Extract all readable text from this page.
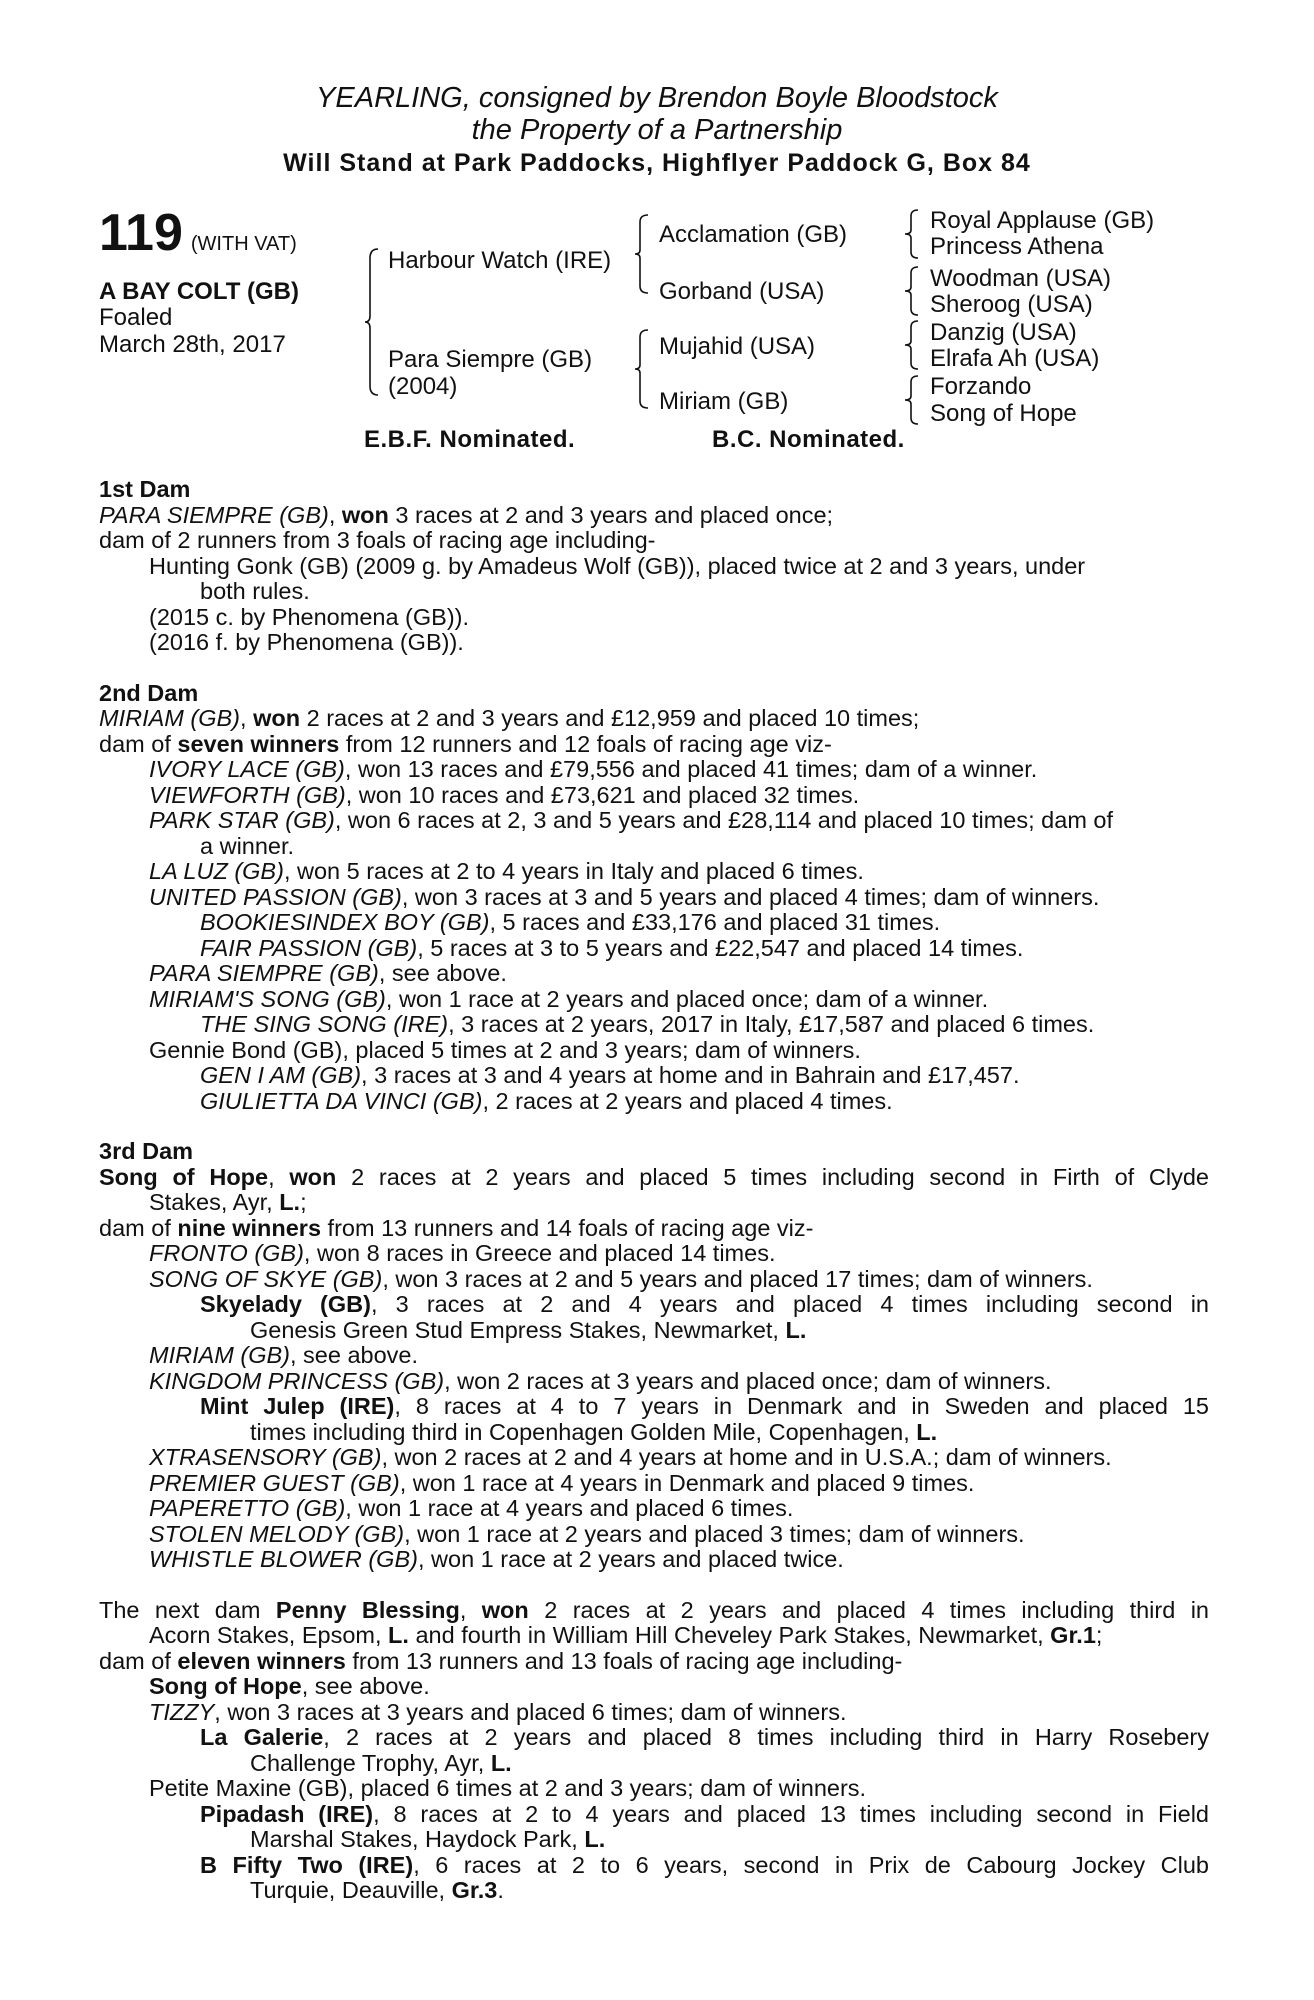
YEARLING, consigned by Brendon Boyle Bloodstock
the Property of a Partnership
Will Stand at Park Paddocks, Highflyer Paddock G, Box 84
119 (WITH VAT)
A BAY COLT (GB)
Foaled
March 28th, 2017
Harbour Watch (IRE)
Para Siempre (GB)
(2004)
Acclamation (GB)
Gorband (USA)
Mujahid (USA)
Miriam (GB)
Royal Applause (GB)
Princess Athena
Woodman (USA)
Sheroog (USA)
Danzig (USA)
Elrafa Ah (USA)
Forzando
Song of Hope
E.B.F. Nominated.	B.C. Nominated.
1st Dam
PARA SIEMPRE (GB), won 3 races at 2 and 3 years and placed once;
dam of 2 runners from 3 foals of racing age including-
Hunting Gonk (GB) (2009 g. by Amadeus Wolf (GB)), placed twice at 2 and 3 years, under
both rules.
(2015 c. by Phenomena (GB)).
(2016 f. by Phenomena (GB)).
2nd Dam
MIRIAM (GB), won 2 races at 2 and 3 years and £12,959 and placed 10 times;
dam of seven winners from 12 runners and 12 foals of racing age viz-
IVORY LACE (GB), won 13 races and £79,556 and placed 41 times; dam of a winner.
VIEWFORTH (GB), won 10 races and £73,621 and placed 32 times.
PARK STAR (GB), won 6 races at 2, 3 and 5 years and £28,114 and placed 10 times; dam of
a winner.
LA LUZ (GB), won 5 races at 2 to 4 years in Italy and placed 6 times.
UNITED PASSION (GB), won 3 races at 3 and 5 years and placed 4 times; dam of winners.
BOOKIESINDEX BOY (GB), 5 races and £33,176 and placed 31 times.
FAIR PASSION (GB), 5 races at 3 to 5 years and £22,547 and placed 14 times.
PARA SIEMPRE (GB), see above.
MIRIAM'S SONG (GB), won 1 race at 2 years and placed once; dam of a winner.
THE SING SONG (IRE), 3 races at 2 years, 2017 in Italy, £17,587 and placed 6 times.
Gennie Bond (GB), placed 5 times at 2 and 3 years; dam of winners.
GEN I AM (GB), 3 races at 3 and 4 years at home and in Bahrain and £17,457.
GIULIETTA DA VINCI (GB), 2 races at 2 years and placed 4 times.
3rd Dam
Song of Hope, won 2 races at 2 years and placed 5 times including second in Firth of Clyde
Stakes, Ayr, L.;
dam of nine winners from 13 runners and 14 foals of racing age viz-
FRONTO (GB), won 8 races in Greece and placed 14 times.
SONG OF SKYE (GB), won 3 races at 2 and 5 years and placed 17 times; dam of winners.
Skyelady (GB), 3 races at 2 and 4 years and placed 4 times including second in
Genesis Green Stud Empress Stakes, Newmarket, L.
MIRIAM (GB), see above.
KINGDOM PRINCESS (GB), won 2 races at 3 years and placed once; dam of winners.
Mint Julep (IRE), 8 races at 4 to 7 years in Denmark and in Sweden and placed 15
times including third in Copenhagen Golden Mile, Copenhagen, L.
XTRASENSORY (GB), won 2 races at 2 and 4 years at home and in U.S.A.; dam of winners.
PREMIER GUEST (GB), won 1 race at 4 years in Denmark and placed 9 times.
PAPERETTO (GB), won 1 race at 4 years and placed 6 times.
STOLEN MELODY (GB), won 1 race at 2 years and placed 3 times; dam of winners.
WHISTLE BLOWER (GB), won 1 race at 2 years and placed twice.
The next dam Penny Blessing, won 2 races at 2 years and placed 4 times including third in
Acorn Stakes, Epsom, L. and fourth in William Hill Cheveley Park Stakes, Newmarket, Gr.1;
dam of eleven winners from 13 runners and 13 foals of racing age including-
Song of Hope, see above.
TIZZY, won 3 races at 3 years and placed 6 times; dam of winners.
La Galerie, 2 races at 2 years and placed 8 times including third in Harry Rosebery
Challenge Trophy, Ayr, L.
Petite Maxine (GB), placed 6 times at 2 and 3 years; dam of winners.
Pipadash (IRE), 8 races at 2 to 4 years and placed 13 times including second in Field
Marshal Stakes, Haydock Park, L.
B Fifty Two (IRE), 6 races at 2 to 6 years, second in Prix de Cabourg Jockey Club
Turquie, Deauville, Gr.3.
